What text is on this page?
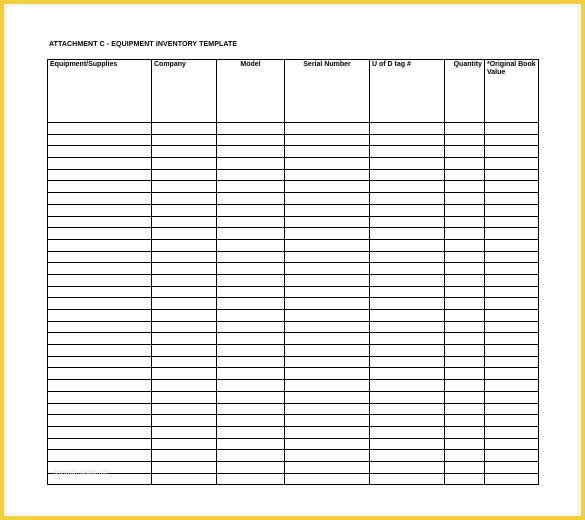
ATTACHMENT C - EQUIPMENT INVENTORY TEMPLATE
Equipment/Supplies	Company	Model	Serial Number	U of D tag #	Quantity	*Original Book Value

www.template.net
